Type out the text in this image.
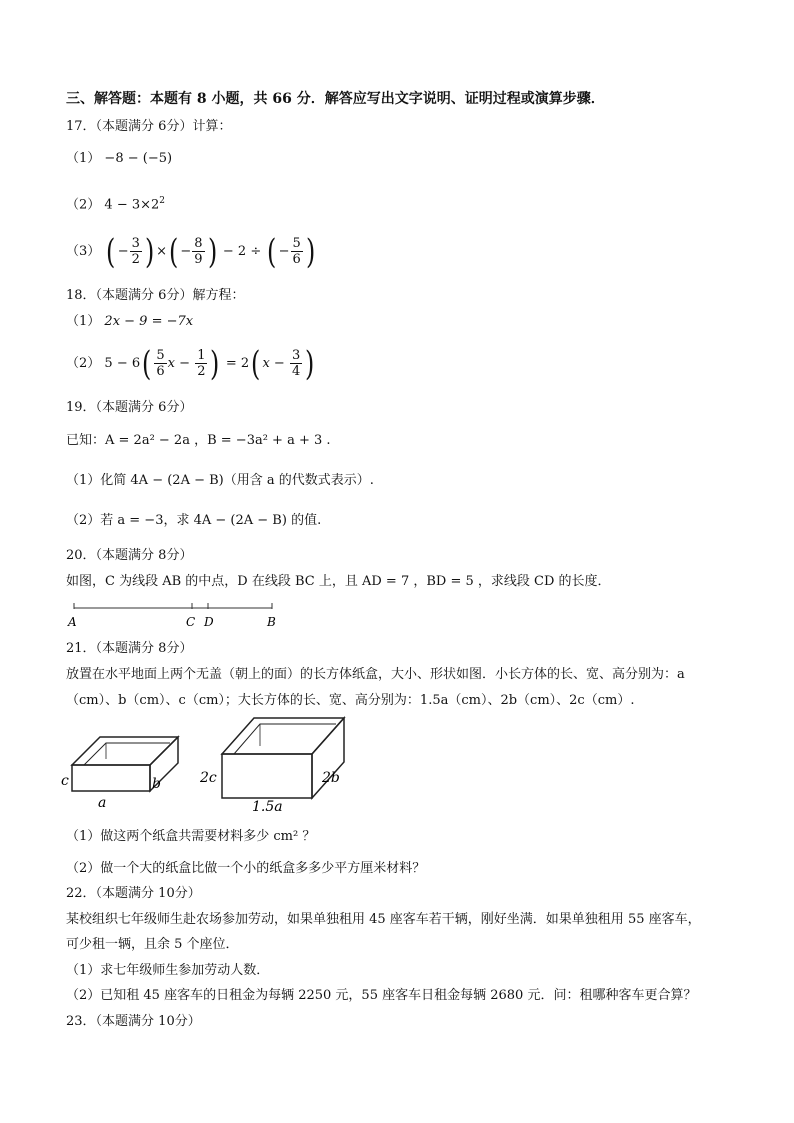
三、解答题：本题有 8 小题，共 66 分．解答应写出文字说明、证明过程或演算步骤．
17．（本题满分 6分）计算：
（1） −8 − (−5)
（2） $4 - 3\times 2^2$
（3） ( − $\frac{3}{2}$ ) ×( − $\frac{8}{9}$ ) − 2 ÷ ( − $\frac{5}{6}$ )
18．（本题满分 6分）解方程：
（1） 2x − 9 = −7x
（2） $5 - 6( \frac{5}{6}$ $x - \frac{1}{2}$ ) = 2( $x - \frac{3}{4}$ )
19．（本题满分 6分）
已知：A = 2a² − 2a ，B = −3a² + a + 3 .
（1）化简 4A − (2A − B)（用含 a 的代数式表示）.
（2）若 a = −3，求 4A − (2A − B) 的值.
20．（本题满分 8分）
如图，C 为线段 AB 的中点，D 在线段 BC 上，且 AD = 7 ，BD = 5 ，求线段 CD 的长度．
A	C D	B
21．（本题满分 8分）
放置在水平地面上两个无盖（朝上的面）的长方体纸盒，大小、形状如图．小长方体的长、宽、高分别为：a
（cm）、b（cm）、c（cm）；大长方体的长、宽、高分别为：1.5a（cm）、2b（cm）、2c（cm）.
c	b
a
2c	2b
1.5a
（1）做这两个纸盒共需要材料多少 cm² ？
（2）做一个大的纸盒比做一个小的纸盒多多少平方厘米材料？
22．（本题满分 10分）
某校组织七年级师生赴农场参加劳动，如果单独租用 45 座客车若干辆，刚好坐满．如果单独租用 55 座客车，
可少租一辆，且余 5 个座位．
（1）求七年级师生参加劳动人数．
（2）已知租 45 座客车的日租金为每辆 2250 元，55 座客车日租金每辆 2680 元．问：租哪种客车更合算？
23．（本题满分 10分）
